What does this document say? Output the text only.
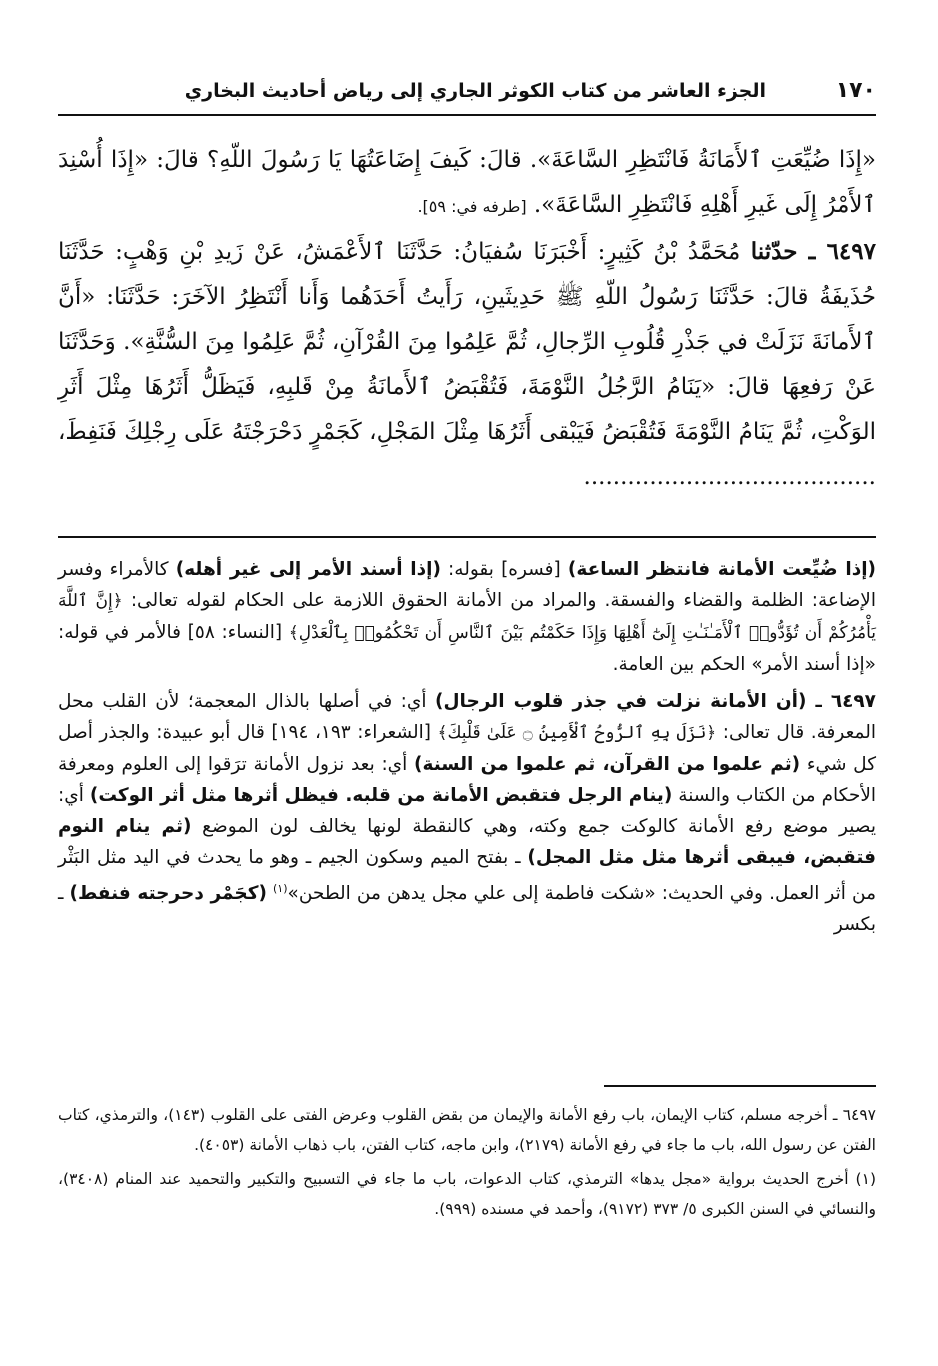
١٧٠
الجزء العاشر من كتاب الكوثر الجاري إلى رياض أحاديث البخاري

«إِذَا ضُيِّعَتِ ٱلأَمَانَةُ فَانْتَظِرِ السَّاعَةَ». قالَ: كَيفَ إِضَاعَتُهَا يَا رَسُولَ اللّهِ؟ قالَ: «إِذَا أُسْنِدَ ٱلأَمْرُ إِلَى غَيرِ أَهْلِهِ فَانْتَظِرِ السَّاعَةَ». [طرفه في: ٥٩].

٦٤٩٧ ـ حدّثنا مُحَمَّدُ بْنُ كَثِيرٍ: أَخْبَرَنَا سُفيَانُ: حَدَّثَنَا ٱلأَعْمَشُ، عَنْ زَيدِ بْنِ وَهْبٍ: حَدَّثَنَا حُذَيفَةُ قالَ: حَدَّثَنَا رَسُولُ اللّهِ ﷺ حَدِيثَينِ، رَأَيتُ أَحَدَهُما وَأَنا أَنْتَظِرُ الآخَرَ: حَدَّثَنَا: «أَنَّ ٱلأَمانَةَ نَزَلَتْ في جَذْرِ قُلُوبِ الرِّجالِ، ثُمَّ عَلِمُوا مِنَ القُرْآنِ، ثُمَّ عَلِمُوا مِنَ السُّنَّةِ». وَحَدَّثَنَا عَنْ رَفعِهَا قالَ: «يَنَامُ الرَّجُلُ النَّوْمَةَ، فَتُقْبَضُ ٱلأَمانَةُ مِنْ قَلبِهِ، فَيَظَلُّ أَثَرُهَا مِثْلَ أَثَرِ الوَكْتِ، ثُمَّ يَنَامُ النَّوْمَةَ فَتُقْبَضُ فَيَبْقى أَثَرُهَا مِثْلَ المَجْلِ، كَجَمْرٍ دَحْرَجْتَهُ عَلَى رِجْلِكَ فَنَفِطَ، ........................................

(إذا ضُيِّعت الأمانة فانتظر الساعة) [فسره] بقوله: (إذا أسند الأمر إلى غير أهله) كالأمراء وفسر الإضاعة: الظلمة والقضاء والفسقة. والمراد من الأمانة الحقوق اللازمة على الحكام لقوله تعالى: ﴿إِنَّ ٱللَّهَ يَأْمُرُكُمْ أَن تُؤَدُّوا۟ ٱلْأَمَـٰنَـٰتِ إِلَىٰٓ أَهْلِهَا وَإِذَا حَكَمْتُم بَيْنَ ٱلنَّاسِ أَن تَحْكُمُوا۟ بِٱلْعَدْلِ﴾ [النساء: ٥٨] فالأمر في قوله: «إذا أسند الأمر» الحكم بين العامة.

٦٤٩٧ ـ (أن الأمانة نزلت في جذر قلوب الرجال) أي: في أصلها بالذال المعجمة؛ لأن القلب محل المعرفة. قال تعالى: ﴿نَزَلَ بِهِ ٱلرُّوحُ ٱلْأَمِينُ ۝ عَلَىٰ قَلْبِكَ﴾ [الشعراء: ١٩٣، ١٩٤] قال أبو عبيدة: والجذر أصل كل شيء (ثم علموا من القرآن، ثم علموا من السنة) أي: بعد نزول الأمانة ترَقوا إلى العلوم ومعرفة الأحكام من الكتاب والسنة (ينام الرجل فتقبض الأمانة من قلبه. فيظل أثرها مثل أثر الوكت) أي: يصير موضع رفع الأمانة كالوكت جمع وكته، وهي كالنقطة لونها يخالف لون الموضع (ثم ينام النوم فتقبض، فيبقى أثرها مثل مثل المجل) ـ بفتح الميم وسكون الجيم ـ وهو ما يحدث في اليد مثل البَثْر من أثر العمل. وفي الحديث: «شكت فاطمة إلى علي مجل يدهن من الطحن»$^{(١)}$ (كجَمْر دحرجته فنفط) ـ بكسر

٦٤٩٧ ـ أخرجه مسلم، كتاب الإيمان، باب رفع الأمانة والإيمان من بقض القلوب وعرض الفتى على القلوب (١٤٣)، والترمذي، كتاب الفتن عن رسول الله، باب ما جاء في رفع الأمانة (٢١٧٩)، وابن ماجه، كتاب الفتن، باب ذهاب الأمانة (٤٠٥٣).

(١) أخرج الحديث برواية «مجل يدها» الترمذي، كتاب الدعوات، باب ما جاء في التسبيح والتكبير والتحميد عند المنام (٣٤٠٨)، والنسائي في السنن الكبرى ٥/ ٣٧٣ (٩١٧٢)، وأحمد في مسنده (٩٩٩).
